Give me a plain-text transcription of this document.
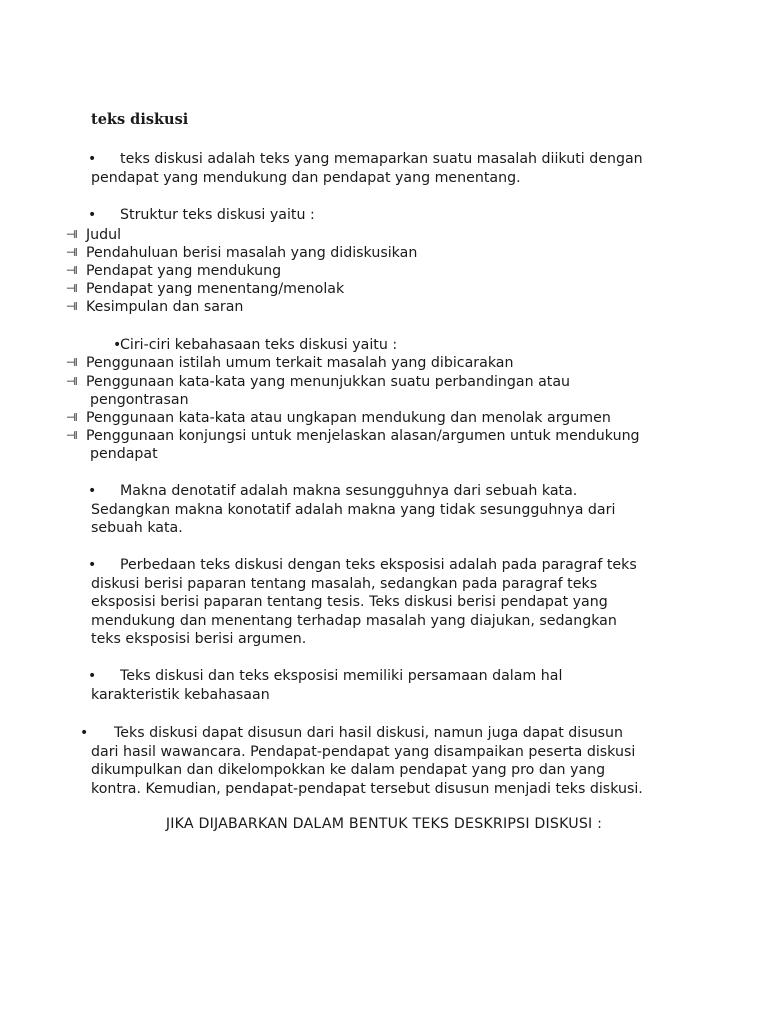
teks diskusi
•	teks diskusi adalah teks yang memaparkan suatu masalah diikuti dengan
pendapat yang mendukung dan pendapat yang menentang.
•	Struktur teks diskusi yaitu :
⊣l Judul
⊣l Pendahuluan berisi masalah yang didiskusikan
⊣l Pendapat yang mendukung
⊣l Pendapat yang menentang/menolak
⊣l Kesimpulan dan saran
•
Ciri-ciri kebahasaan teks diskusi yaitu :
⊣l Penggunaan istilah umum terkait masalah yang dibicarakan
⊣l Penggunaan kata-kata yang menunjukkan suatu perbandingan atau
pengontrasan
⊣l Penggunaan kata-kata atau ungkapan mendukung dan menolak argumen
⊣l Penggunaan konjungsi untuk menjelaskan alasan/argumen untuk mendukung
pendapat
•	Makna denotatif adalah makna sesungguhnya dari sebuah kata.
Sedangkan makna konotatif adalah makna yang tidak sesungguhnya dari
sebuah kata.
•	Perbedaan teks diskusi dengan teks eksposisi adalah pada paragraf teks
diskusi berisi paparan tentang masalah, sedangkan pada paragraf teks
eksposisi berisi paparan tentang tesis. Teks diskusi berisi pendapat yang
mendukung dan menentang terhadap masalah yang diajukan, sedangkan
teks eksposisi berisi argumen.
•	Teks diskusi dan teks eksposisi memiliki persamaan dalam hal
karakteristik kebahasaan
•	Teks diskusi dapat disusun dari hasil diskusi, namun juga dapat disusun
dari hasil wawancara. Pendapat-pendapat yang disampaikan peserta diskusi
dikumpulkan dan dikelompokkan ke dalam pendapat yang pro dan yang
kontra. Kemudian, pendapat-pendapat tersebut disusun menjadi teks diskusi.

JIKA DIJABARKAN DALAM BENTUK TEKS DESKRIPSI DISKUSI :
